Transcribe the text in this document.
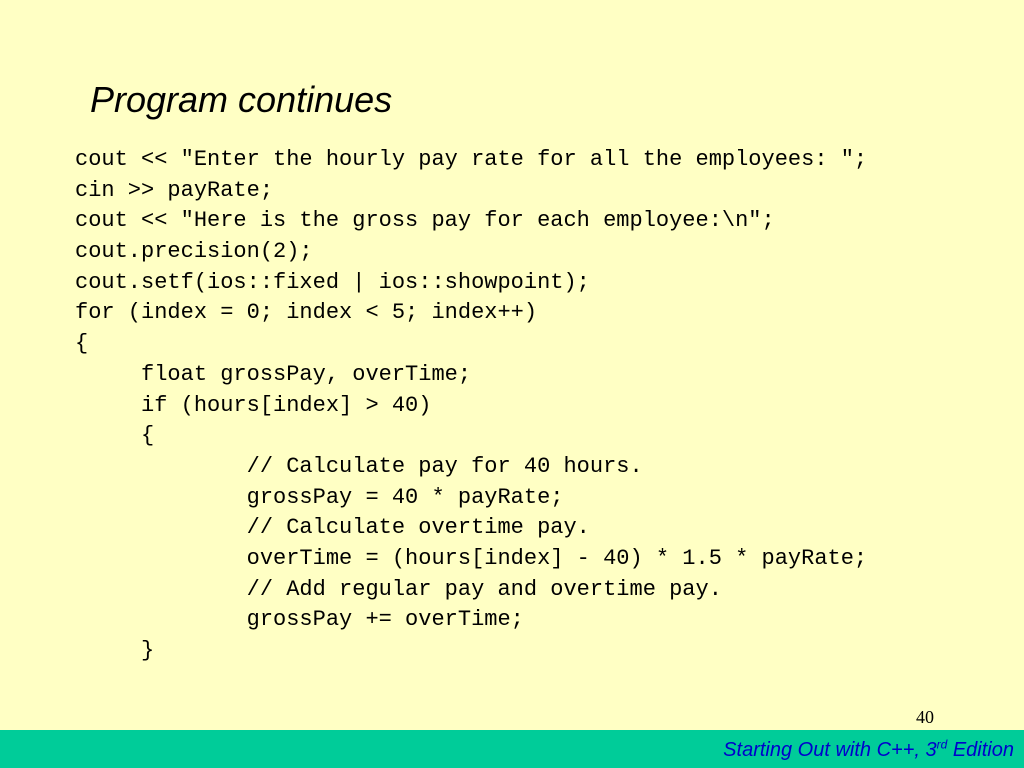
Program continues
cout << "Enter the hourly pay rate for all the employees: ";
cin >> payRate;
cout << "Here is the gross pay for each employee:\n";
cout.precision(2);
cout.setf(ios::fixed | ios::showpoint);
for (index = 0; index < 5; index++)
{
float grossPay, overTime;
if (hours[index] > 40)
{
// Calculate pay for 40 hours.
grossPay = 40 * payRate;
// Calculate overtime pay.
overTime = (hours[index] - 40) * 1.5 * payRate;
// Add regular pay and overtime pay.
grossPay += overTime;
}
40
Starting Out with C++, 3rd Edition
